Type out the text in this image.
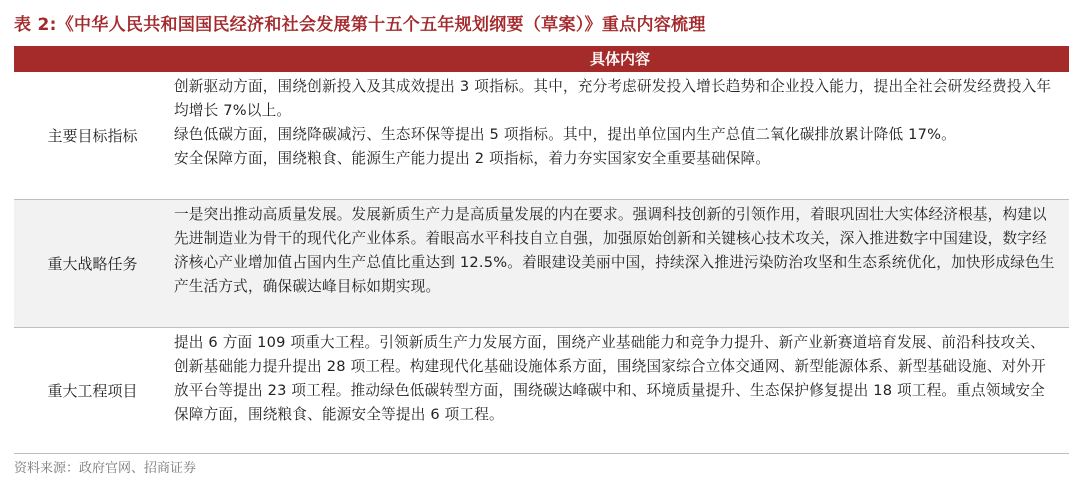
表 2:《中华人民共和国国民经济和社会发展第十五个五年规划纲要（草案）》重点内容梳理
具体内容
主要目标指标

创新驱动方面，围绕创新投入及其成效提出 3 项指标。其中，充分考虑研发投入增长趋势和企业投入能力，提出全社会研发经费投入年均增长 7%以上。

绿色低碳方面，围绕降碳减污、生态环保等提出 5 项指标。其中，提出单位国内生产总值二氧化碳排放累计降低 17%。

安全保障方面，围绕粮食、能源生产能力提出 2 项指标，着力夯实国家安全重要基础保障。

重大战略任务

一是突出推动高质量发展。发展新质生产力是高质量发展的内在要求。强调科技创新的引领作用，着眼巩固壮大实体经济根基，构建以先进制造业为骨干的现代化产业体系。着眼高水平科技自立自强，加强原始创新和关键核心技术攻关，深入推进数字中国建设，数字经济核心产业增加值占国内生产总值比重达到 12.5%。着眼建设美丽中国，持续深入推进污染防治攻坚和生态系统优化，加快形成绿色生产生活方式，确保碳达峰目标如期实现。

重大工程项目

提出 6 方面 109 项重大工程。引领新质生产力发展方面，围绕产业基础能力和竞争力提升、新产业新赛道培育发展、前沿科技攻关、创新基础能力提升提出 28 项工程。构建现代化基础设施体系方面，围绕国家综合立体交通网、新型能源体系、新型基础设施、对外开放平台等提出 23 项工程。推动绿色低碳转型方面，围绕碳达峰碳中和、环境质量提升、生态保护修复提出 18 项工程。重点领域安全保障方面，围绕粮食、能源安全等提出 6 项工程。

资料来源：政府官网、招商证券
